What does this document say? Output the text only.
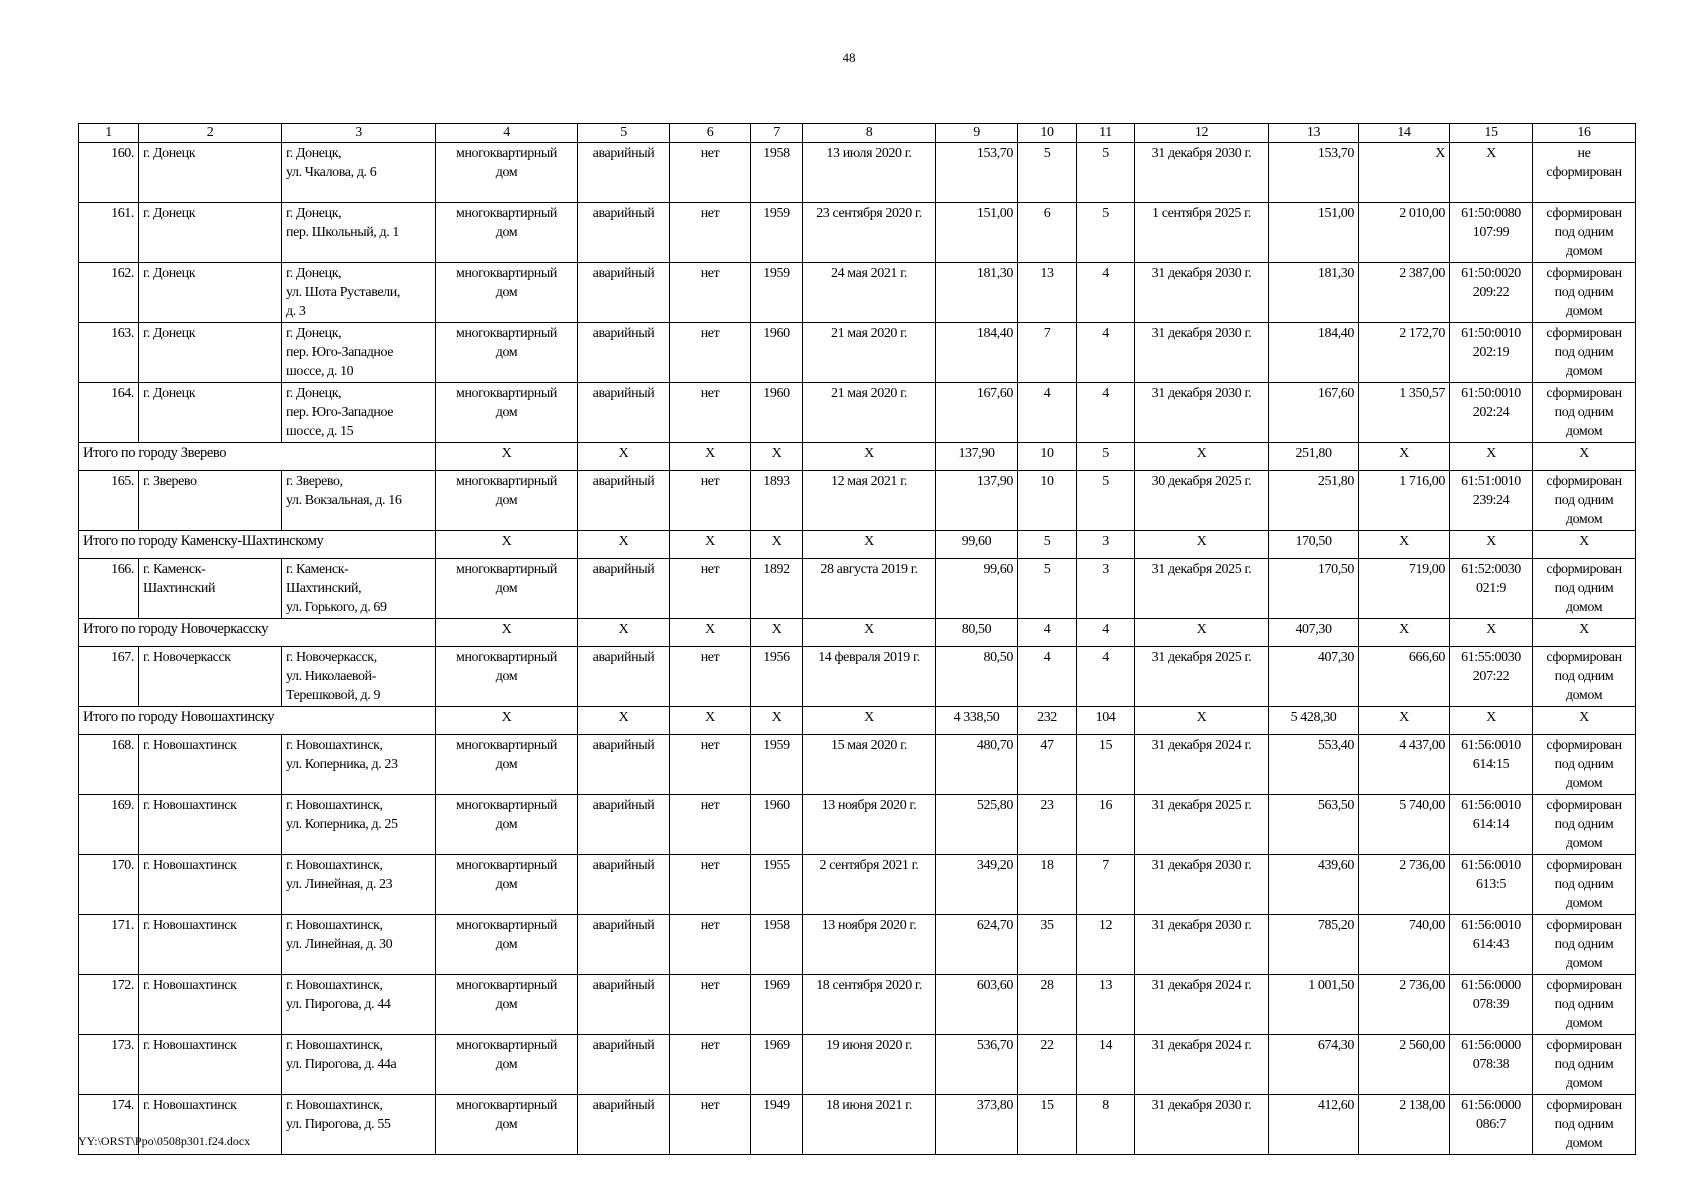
48
1	2	3	4	5	6	7	8	9	10	11	12	13	14	15	16
160.	г. Донецк	г. Донецк,
ул. Чкалова, д. 6	многоквартирный
дом	аварийный	нет	1958	13 июля 2020 г.	153,70	5	5	31 декабря 2030 г.	153,70	X	X	не
сформирован
161.	г. Донецк	г. Донецк,
пер. Школьный, д. 1	многоквартирный
дом	аварийный	нет	1959	23 сентября 2020 г.	151,00	6	5	1 сентября 2025 г.	151,00	2 010,00	61:50:0080
107:99	сформирован
под одним
домом
162.	г. Донецк	г. Донецк,
ул. Шота Руставели,
д. 3	многоквартирный
дом	аварийный	нет	1959	24 мая 2021 г.	181,30	13	4	31 декабря 2030 г.	181,30	2 387,00	61:50:0020
209:22	сформирован
под одним
домом
163.	г. Донецк	г. Донецк,
пер. Юго-Западное
шоссе, д. 10	многоквартирный
дом	аварийный	нет	1960	21 мая 2020 г.	184,40	7	4	31 декабря 2030 г.	184,40	2 172,70	61:50:0010
202:19	сформирован
под одним
домом
164.	г. Донецк	г. Донецк,
пер. Юго-Западное
шоссе, д. 15	многоквартирный
дом	аварийный	нет	1960	21 мая 2020 г.	167,60	4	4	31 декабря 2030 г.	167,60	1 350,57	61:50:0010
202:24	сформирован
под одним
домом
Итого по городу Зверево			X	X	X	X	X	137,90	10	5	X	251,80	X	X	X
165.	г. Зверево	г. Зверево,
ул. Вокзальная, д. 16	многоквартирный
дом	аварийный	нет	1893	12 мая 2021 г.	137,90	10	5	30 декабря 2025 г.	251,80	1 716,00	61:51:0010
239:24	сформирован
под одним
домом
Итого по городу Каменску-Шахтинскому			X	X	X	X	X	99,60	5	3	X	170,50	X	X	X
166.	г. Каменск-
Шахтинский	г. Каменск-
Шахтинский,
ул. Горького, д. 69	многоквартирный
дом	аварийный	нет	1892	28 августа 2019 г.	99,60	5	3	31 декабря 2025 г.	170,50	719,00	61:52:0030
021:9	сформирован
под одним
домом
Итого по городу Новочеркасску			X	X	X	X	X	80,50	4	4	X	407,30	X	X	X
167.	г. Новочеркасск	г. Новочеркасск,
ул. Николаевой-
Терешковой, д. 9	многоквартирный
дом	аварийный	нет	1956	14 февраля 2019 г.	80,50	4	4	31 декабря 2025 г.	407,30	666,60	61:55:0030
207:22	сформирован
под одним
домом
Итого по городу Новошахтинску			X	X	X	X	X	4 338,50	232	104	X	5 428,30	X	X	X
168.	г. Новошахтинск	г. Новошахтинск,
ул. Коперника, д. 23	многоквартирный
дом	аварийный	нет	1959	15 мая 2020 г.	480,70	47	15	31 декабря 2024 г.	553,40	4 437,00	61:56:0010
614:15	сформирован
под одним
домом
169.	г. Новошахтинск	г. Новошахтинск,
ул. Коперника, д. 25	многоквартирный
дом	аварийный	нет	1960	13 ноября 2020 г.	525,80	23	16	31 декабря 2025 г.	563,50	5 740,00	61:56:0010
614:14	сформирован
под одним
домом
170.	г. Новошахтинск	г. Новошахтинск,
ул. Линейная, д. 23	многоквартирный
дом	аварийный	нет	1955	2 сентября 2021 г.	349,20	18	7	31 декабря 2030 г.	439,60	2 736,00	61:56:0010
613:5	сформирован
под одним
домом
171.	г. Новошахтинск	г. Новошахтинск,
ул. Линейная, д. 30	многоквартирный
дом	аварийный	нет	1958	13 ноября 2020 г.	624,70	35	12	31 декабря 2030 г.	785,20	740,00	61:56:0010
614:43	сформирован
под одним
домом
172.	г. Новошахтинск	г. Новошахтинск,
ул. Пирогова, д. 44	многоквартирный
дом	аварийный	нет	1969	18 сентября 2020 г.	603,60	28	13	31 декабря 2024 г.	1 001,50	2 736,00	61:56:0000
078:39	сформирован
под одним
домом
173.	г. Новошахтинск	г. Новошахтинск,
ул. Пирогова, д. 44а	многоквартирный
дом	аварийный	нет	1969	19 июня 2020 г.	536,70	22	14	31 декабря 2024 г.	674,30	2 560,00	61:56:0000
078:38	сформирован
под одним
домом
174.	г. Новошахтинск	г. Новошахтинск,
ул. Пирогова, д. 55	многоквартирный
дом	аварийный	нет	1949	18 июня 2021 г.	373,80	15	8	31 декабря 2030 г.	412,60	2 138,00	61:56:0000
086:7	сформирован
под одним
домом
YY:\ORST\Ppo\0508p301.f24.docx
